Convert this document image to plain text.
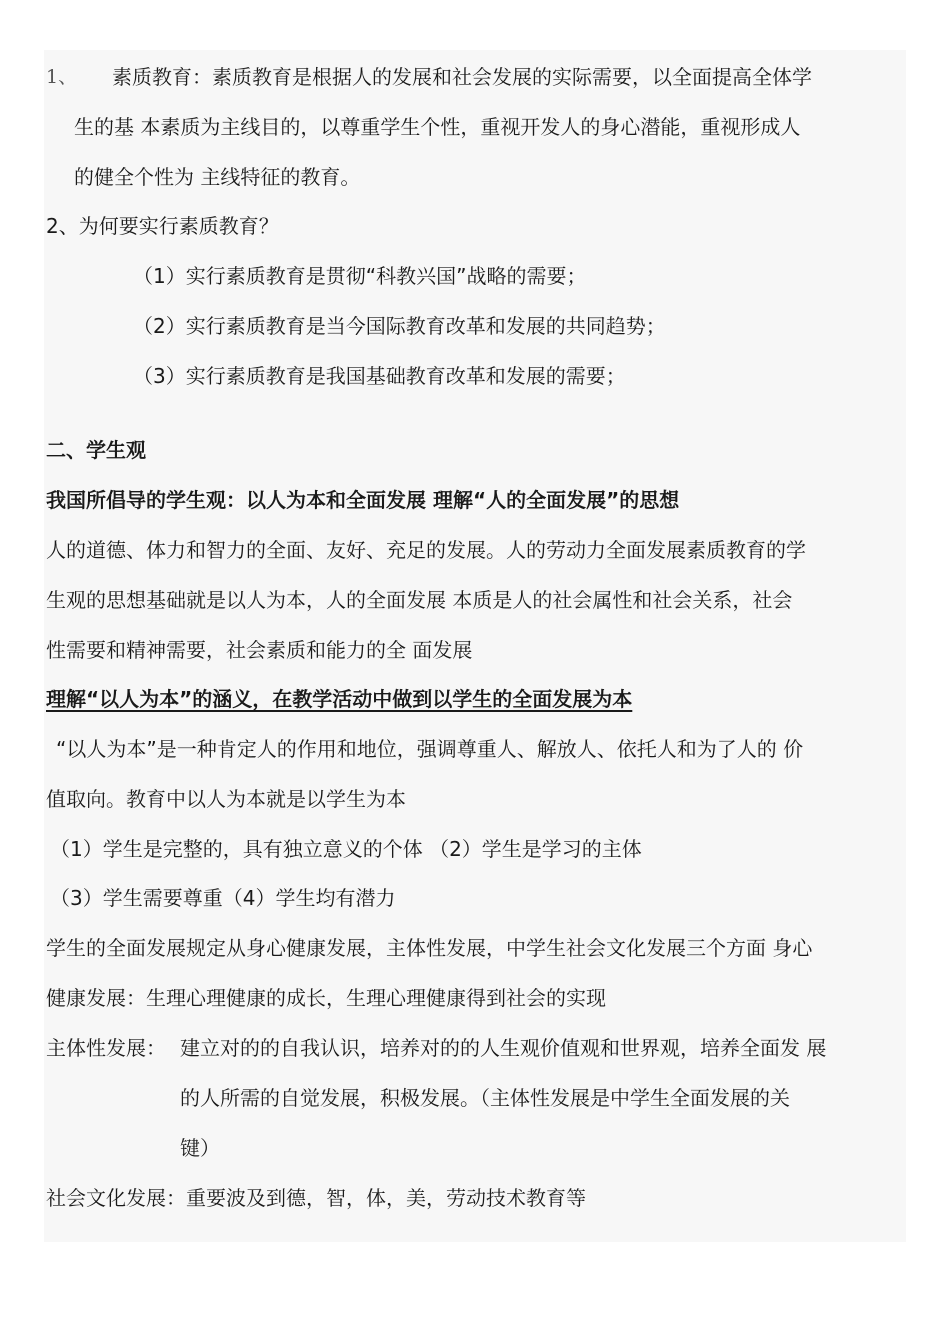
1、 素质教育：素质教育是根据人的发展和社会发展的实际需要，以全面提高全体学
生的基 本素质为主线目的，以尊重学生个性，重视开发人的身心潜能，重视形成人
的健全个性为 主线特征的教育。
2、为何要实行素质教育？
（1）实行素质教育是贯彻“科教兴国”战略的需要；
（2）实行素质教育是当今国际教育改革和发展的共同趋势；
（3）实行素质教育是我国基础教育改革和发展的需要；
二、学生观
我国所倡导的学生观：以人为本和全面发展 理解“人的全面发展”的思想
人的道德、体力和智力的全面、友好、充足的发展。人的劳动力全面发展素质教育的学
生观的思想基础就是以人为本，人的全面发展 本质是人的社会属性和社会关系，社会
性需要和精神需要，社会素质和能力的全 面发展
理解“以人为本”的涵义，在教学活动中做到以学生的全面发展为本
“以人为本”是一种肯定人的作用和地位，强调尊重人、解放人、依托人和为了人的 价
值取向。教育中以人为本就是以学生为本
（1）学生是完整的，具有独立意义的个体 （2）学生是学习的主体
（3）学生需要尊重（4）学生均有潜力
学生的全面发展规定从身心健康发展，主体性发展，中学生社会文化发展三个方面 身心
健康发展：生理心理健康的成长，生理心理健康得到社会的实现
主体性发展： 建立对的的自我认识，培养对的的人生观价值观和世界观，培养全面发 展
的人所需的自觉发展，积极发展。（主体性发展是中学生全面发展的关
键）
社会文化发展：重要波及到德，智，体，美，劳动技术教育等
